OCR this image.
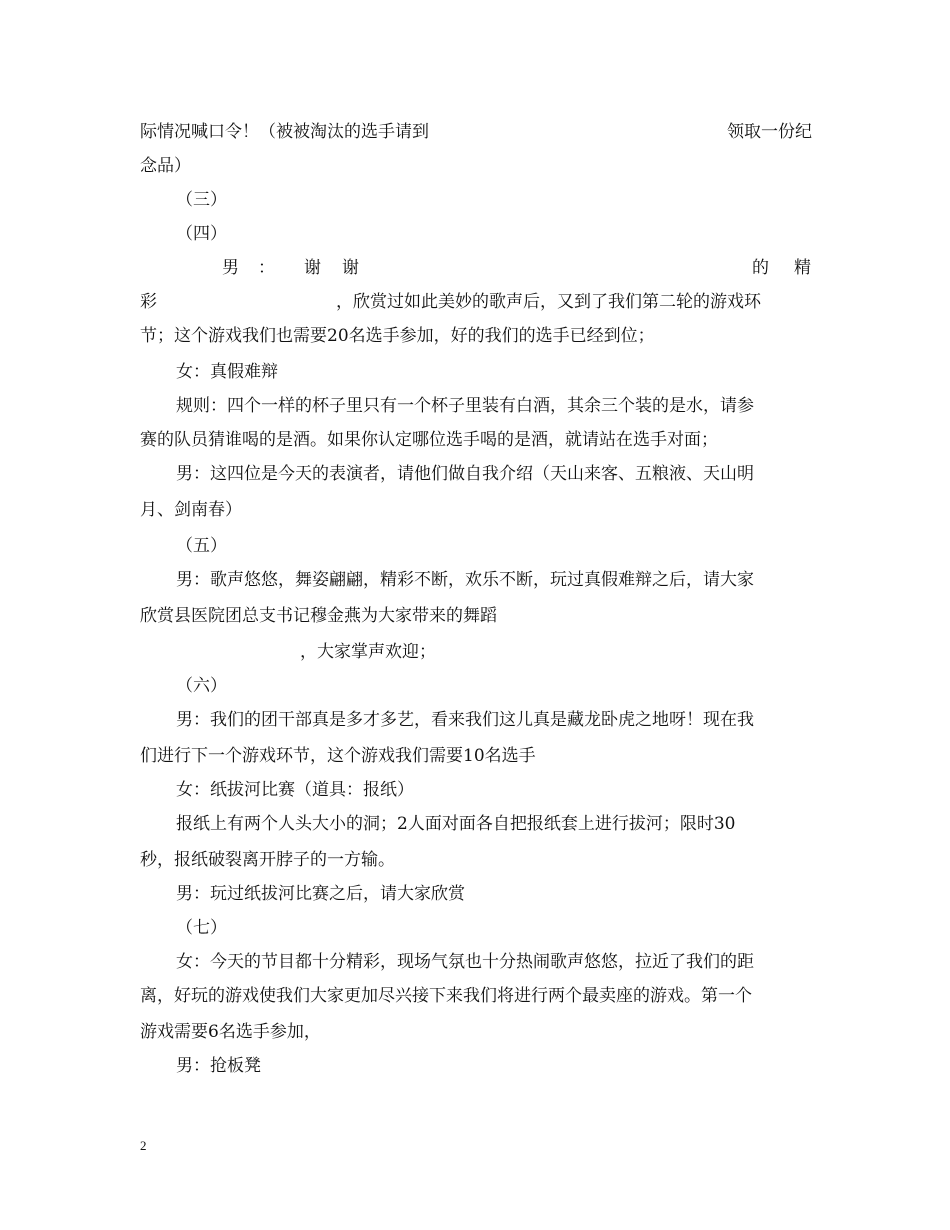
际情况喊口令！（被被淘汰的选手请到	领取一份纪
念品）
（三）
（四）
男 ： 谢 谢	的 精
彩	，欣赏过如此美妙的歌声后，又到了我们第二轮的游戏环
节；这个游戏我们也需要20名选手参加，好的我们的选手已经到位；
女：真假难辩
规则：四个一样的杯子里只有一个杯子里装有白酒，其余三个装的是水，请参
赛的队员猜谁喝的是酒。如果你认定哪位选手喝的是酒，就请站在选手对面；
男：这四位是今天的表演者，请他们做自我介绍（天山来客、五粮液、天山明
月、剑南春）
（五）
男：歌声悠悠，舞姿翩翩，精彩不断，欢乐不断，玩过真假难辩之后，请大家
欣赏县医院团总支书记穆金燕为大家带来的舞蹈
，大家掌声欢迎；
（六）
男：我们的团干部真是多才多艺，看来我们这儿真是藏龙卧虎之地呀！现在我
们进行下一个游戏环节，这个游戏我们需要10名选手
女：纸拔河比赛（道具：报纸）
报纸上有两个人头大小的洞；2人面对面各自把报纸套上进行拔河；限时30
秒，报纸破裂离开脖子的一方输。
男：玩过纸拔河比赛之后，请大家欣赏
（七）
女：今天的节目都十分精彩，现场气氛也十分热闹歌声悠悠，拉近了我们的距
离，好玩的游戏使我们大家更加尽兴接下来我们将进行两个最卖座的游戏。第一个
游戏需要6名选手参加，
男：抢板凳
2
